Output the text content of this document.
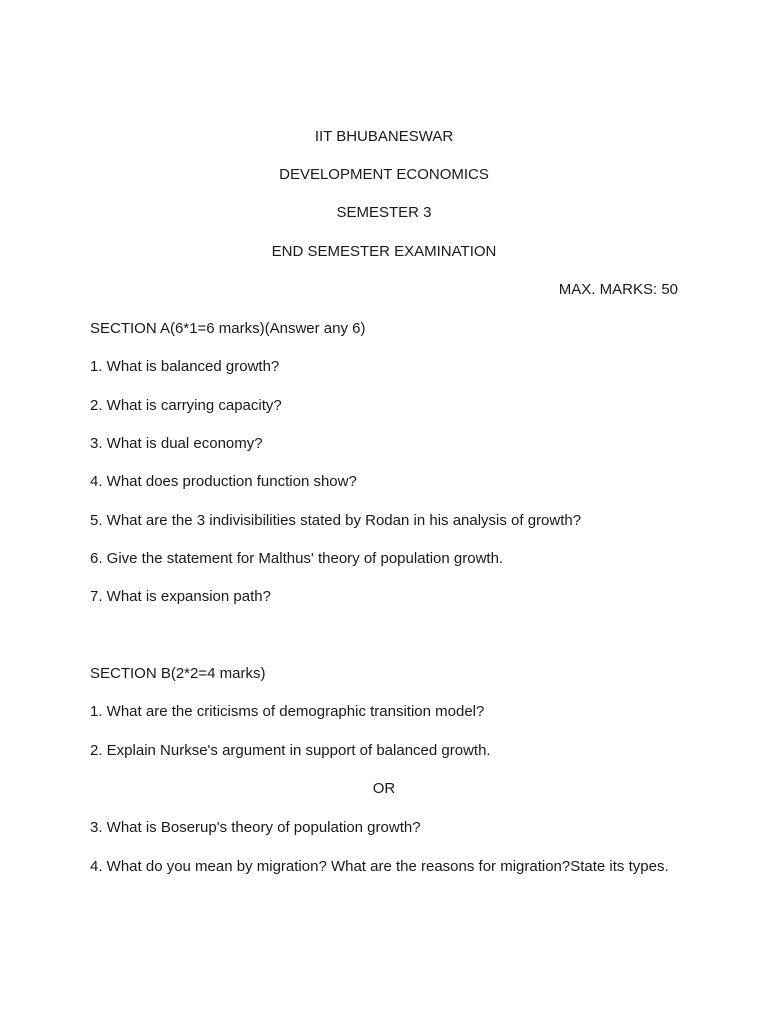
IIT BHUBANESWAR
DEVELOPMENT ECONOMICS
SEMESTER 3
END SEMESTER EXAMINATION
MAX. MARKS: 50
SECTION A(6*1=6 marks)(Answer any 6)
1. What is balanced growth?
2. What is carrying capacity?
3. What is dual economy?
4. What does production function show?
5. What are the 3 indivisibilities stated by Rodan in his analysis of growth?
6. Give the statement for Malthus' theory of population growth.
7. What is expansion path?
SECTION B(2*2=4 marks)
1. What are the criticisms of demographic transition model?
2. Explain Nurkse's argument in support of balanced growth.
OR
3. What is Boserup's theory of population growth?
4. What do you mean by migration? What are the reasons for migration?State its types.
